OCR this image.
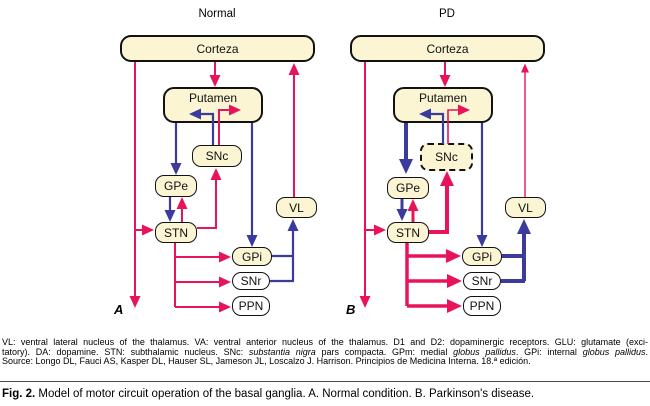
Normal	PD
Corteza
Putamen
SNc
GPe
STN
VL
GPi
SNr
PPN
A
Corteza
Putamen
SNc
GPe
STN
VL
GPi
SNr
PPN
B
VL: ventral lateral nucleus of the thalamus. VA: ventral anterior nucleus of the thalamus. D1 and D2: dopaminergic receptors. GLU: glutamate (exci-
tatory). DA: dopamine. STN: subthalamic nucleus. SNc: substantia nigra pars compacta. GPm: medial globus pallidus. GPi: internal globus pallidus.
Source: Longo DL, Fauci AS, Kasper DL, Hauser SL, Jameson JL, Loscalzo J. Harrison. Principios de Medicina Interna. 18.ª edición.
Fig. 2. Model of motor circuit operation of the basal ganglia. A. Normal condition. B. Parkinson's disease.
